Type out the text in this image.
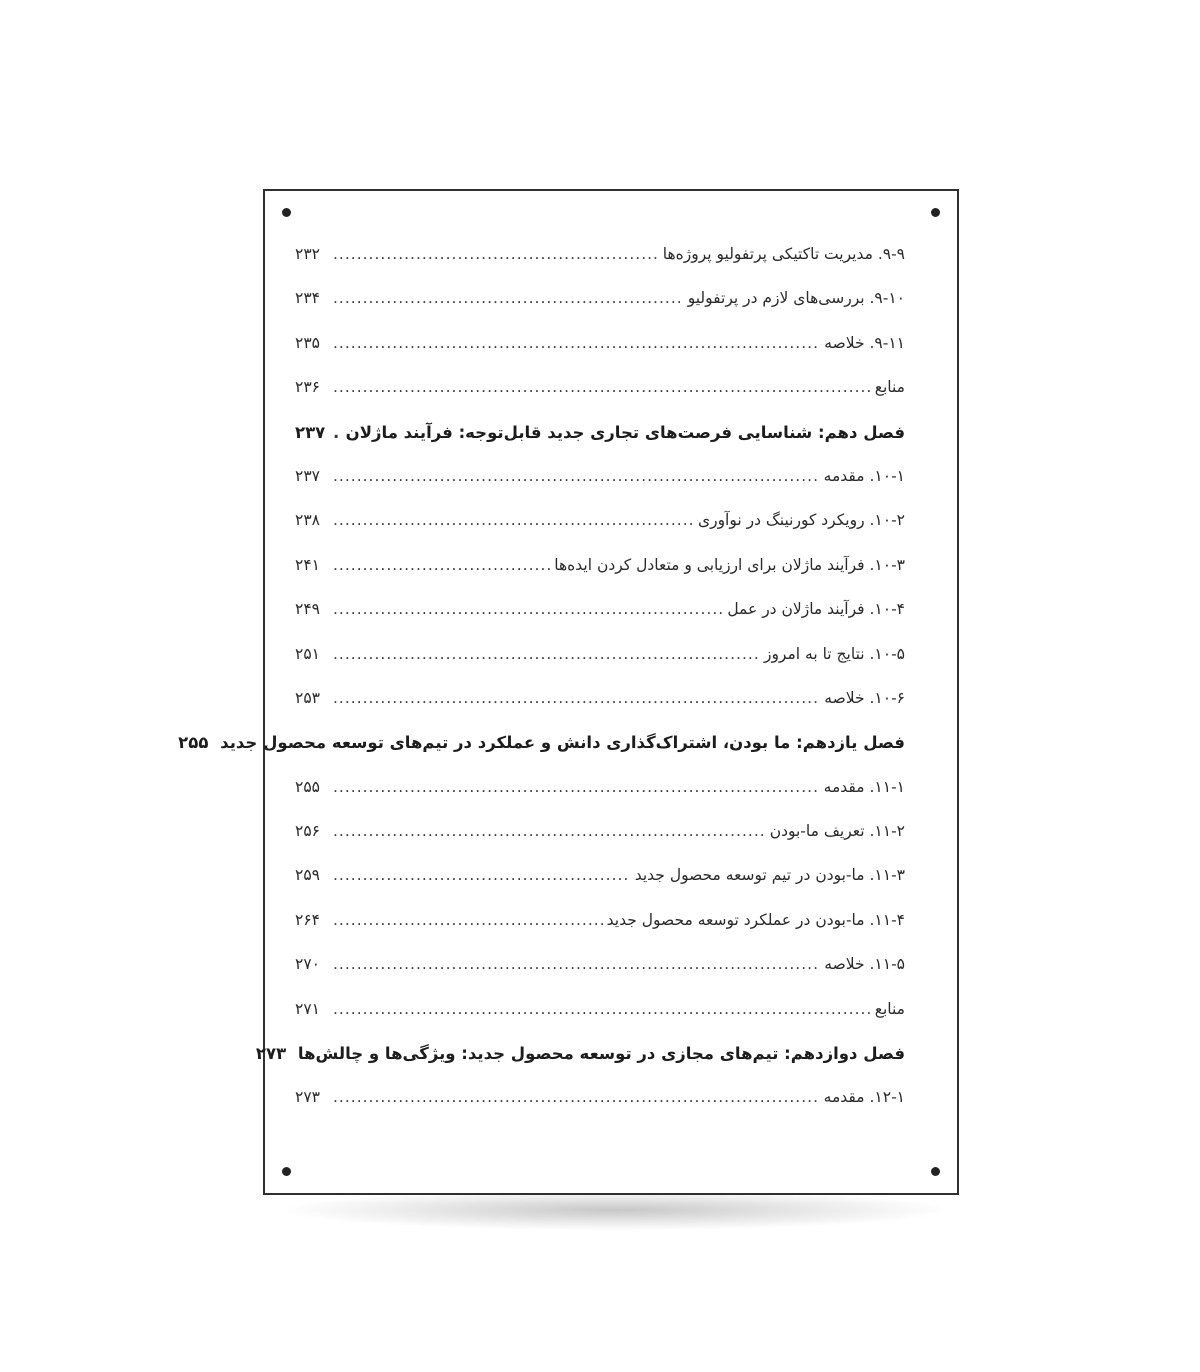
۹-۹. مدیریت تاکتیکی پرتفولیو پروژه‌ها
.....
۲۳۲
۹-۱۰. بررسی‌های لازم در پرتفولیو
.....
۲۳۴
۹-۱۱. خلاصه
.....
۲۳۵
منابع
.....
۲۳۶
فصل دهم: شناسایی فرصت‌های تجاری جدید قابل‌توجه: فرآیند ماژلان
.....
۲۳۷
۱۰-۱. مقدمه
.....
۲۳۷
۱۰-۲. رویکرد کورنینگ در نوآوری
.....
۲۳۸
۱۰-۳. فرآیند ماژلان برای ارزیابی و متعادل کردن ایده‌ها
.....
۲۴۱
۱۰-۴. فرآیند ماژلان در عمل
.....
۲۴۹
۱۰-۵. نتایج تا به امروز
.....
۲۵۱
۱۰-۶. خلاصه
.....
۲۵۳
فصل یازدهم: ما بودن، اشتراک‌گذاری دانش و عملکرد در تیم‌های توسعه محصول جدید
۲۵۵
۱۱-۱. مقدمه
.....
۲۵۵
۱۱-۲. تعریف ما-بودن
.....
۲۵۶
۱۱-۳. ما-بودن در تیم توسعه محصول جدید
.....
۲۵۹
۱۱-۴. ما-بودن در عملکرد توسعه محصول جدید
.....
۲۶۴
۱۱-۵. خلاصه
.....
۲۷۰
منابع
.....
۲۷۱
فصل دوازدهم: تیم‌های مجازی در توسعه محصول جدید: ویژگی‌ها و چالش‌ها
۲۷۳
۱۲-۱. مقدمه
.....
۲۷۳
